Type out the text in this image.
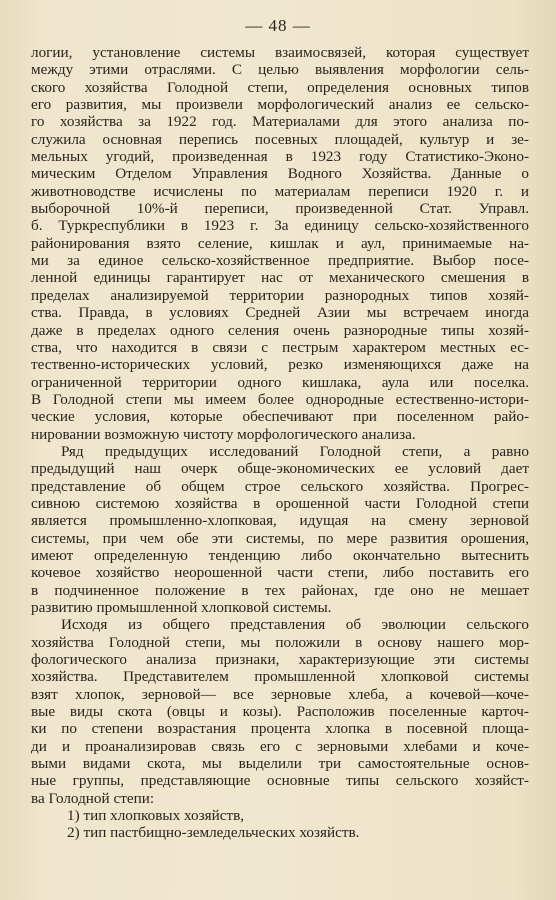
— 48 —
логии, установление системы взаимосвязей, которая существует
между этими отраслями. С целью выявления морфологии сель-
ского хозяйства Голодной степи, определения основных типов
его развития, мы произвели морфологический анализ ее сельско-
го хозяйства за 1922 год. Материалами для этого анализа по-
служила основная перепись посевных площадей, культур и зе-
мельных угодий, произведенная в 1923 году Статистико-Эконо-
мическим Отделом Управления Водного Хозяйства. Данные о
животноводстве исчислены по материалам переписи 1920 г. и
выборочной 10%-й переписи, произведенной Стат. Управл.
б. Туркреспублики в 1923 г. За единицу сельско-хозяйственного
районирования взято селение, кишлак и аул, принимаемые на-
ми за единое сельско-хозяйственное предприятие. Выбор посе-
ленной единицы гарантирует нас от механического смешения в
пределах анализируемой территории разнородных типов хозяй-
ства. Правда, в условиях Средней Азии мы встречаем иногда
даже в пределах одного селения очень разнородные типы хозяй-
ства, что находится в связи с пестрым характером местных ес-
тественно-исторических условий, резко изменяющихся даже на
ограниченной территории одного кишлака, аула или поселка.
В Голодной степи мы имеем более однородные естественно-истори-
ческие условия, которые обеспечивают при поселенном райо-
нировании возможную чистоту морфологического анализа.
Ряд предыдущих исследований Голодной степи, а равно
предыдущий наш очерк обще-экономических ее условий дает
представление об общем строе сельского хозяйства. Прогрес-
сивною системою хозяйства в орошенной части Голодной степи
является промышленно-хлопковая, идущая на смену зерновой
системы, при чем обе эти системы, по мере развития орошения,
имеют определенную тенденцию либо окончательно вытеснить
кочевое хозяйство неорошенной части степи, либо поставить его
в подчиненное положение в тех районах, где оно не мешает
развитию промышленной хлопковой системы.
Исходя из общего представления об эволюции сельского
хозяйства Голодной степи, мы положили в основу нашего мор-
фологического анализа признаки, характеризующие эти системы
хозяйства. Представителем промышленной хлопковой системы
взят хлопок, зерновой— все зерновые хлеба, а кочевой—коче-
вые виды скота (овцы и козы). Расположив поселенные карточ-
ки по степени возрастания процента хлопка в посевной площа-
ди и проанализировав связь его с зерновыми хлебами и коче-
выми видами скота, мы выделили три самостоятельные основ-
ные группы, представляющие основные типы сельского хозяйст-
ва Голодной степи:
1) тип хлопковых хозяйств,
2) тип пастбищно-земледельческих хозяйств.
